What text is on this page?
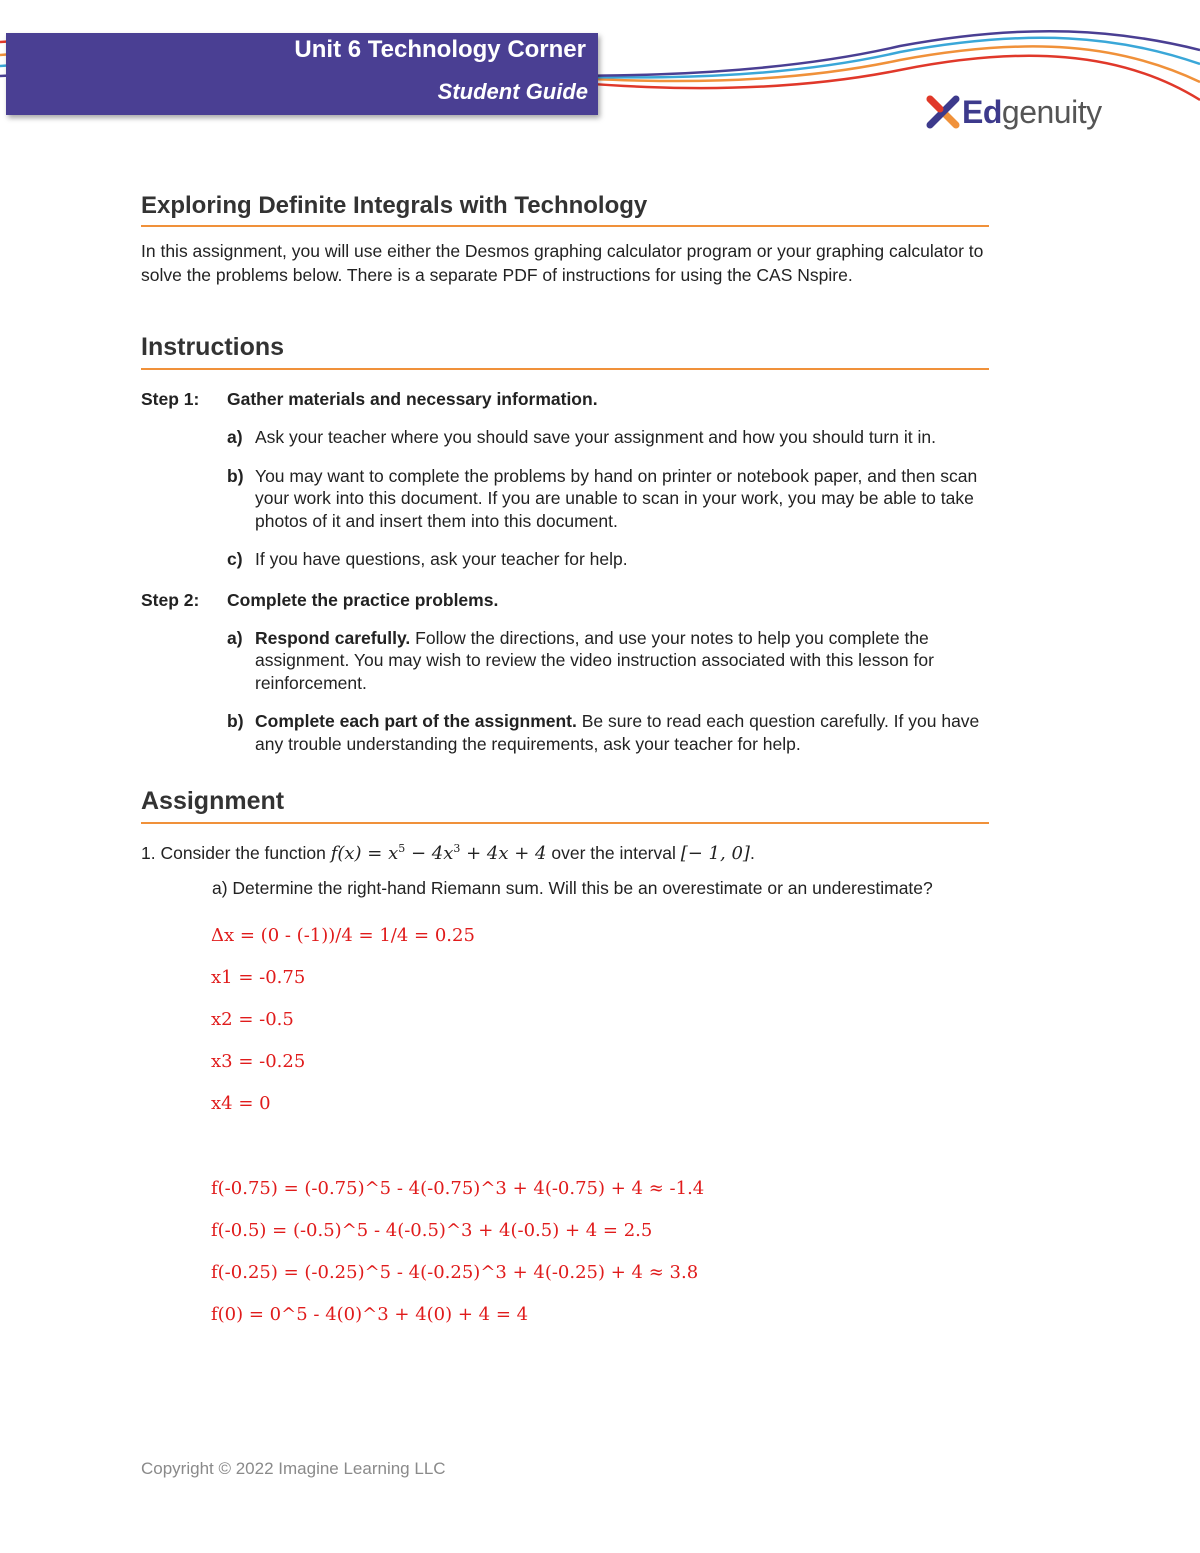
Unit 6 Technology Corner
Student Guide
Edgenuity
Exploring Definite Integrals with Technology
In this assignment, you will use either the Desmos graphing calculator program or your graphing calculator to solve the problems below. There is a separate PDF of instructions for using the CAS Nspire.
Instructions
Step 1:	Gather materials and necessary information.
a) Ask your teacher where you should save your assignment and how you should turn it in.
b) You may want to complete the problems by hand on printer or notebook paper, and then scan your work into this document. If you are unable to scan in your work, you may be able to take photos of it and insert them into this document.
c) If you have questions, ask your teacher for help.
Step 2:	Complete the practice problems.
a) Respond carefully. Follow the directions, and use your notes to help you complete the assignment. You may wish to review the video instruction associated with this lesson for reinforcement.
b) Complete each part of the assignment. Be sure to read each question carefully. If you have any trouble understanding the requirements, ask your teacher for help.
Assignment
1. Consider the function $f(x) = x^5 - 4x^3 + 4x + 4$ over the interval [− 1, 0].
a) Determine the right-hand Riemann sum. Will this be an overestimate or an underestimate?
Δx = (0 - (-1))/4 = 1/4 = 0.25
x1 = -0.75
x2 = -0.5
x3 = -0.25
x4 = 0
f(-0.75) = (-0.75)^5 - 4(-0.75)^3 + 4(-0.75) + 4 ≈ -1.4
f(-0.5) = (-0.5)^5 - 4(-0.5)^3 + 4(-0.5) + 4 = 2.5
f(-0.25) = (-0.25)^5 - 4(-0.25)^3 + 4(-0.25) + 4 ≈ 3.8
f(0) = 0^5 - 4(0)^3 + 4(0) + 4 = 4
Copyright © 2022 Imagine Learning LLC
